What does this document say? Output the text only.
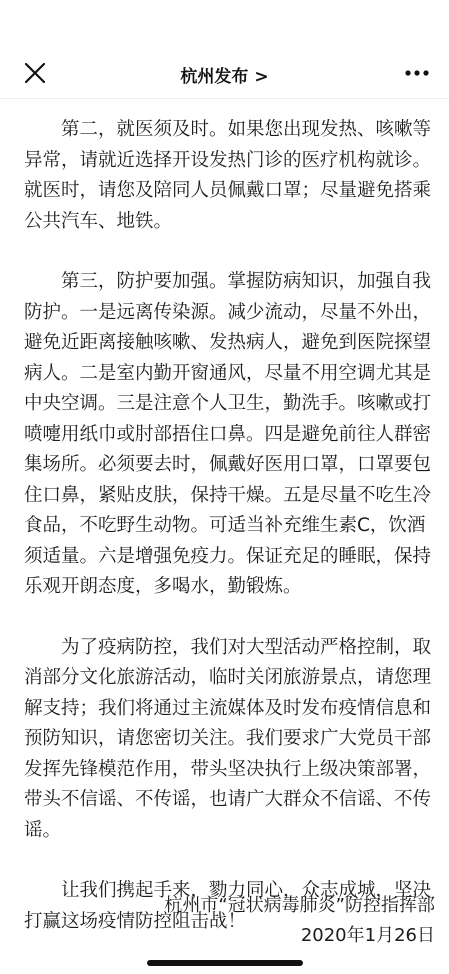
杭州发布 >

第二，就医须及时。如果您出现发热、咳嗽等异常，请就近选择开设发热门诊的医疗机构就诊。就医时，请您及陪同人员佩戴口罩；尽量避免搭乘公共汽车、地铁。

第三，防护要加强。掌握防病知识，加强自我防护。一是远离传染源。减少流动，尽量不外出，避免近距离接触咳嗽、发热病人，避免到医院探望病人。二是室内勤开窗通风，尽量不用空调尤其是中央空调。三是注意个人卫生，勤洗手。咳嗽或打喷嚏用纸巾或肘部捂住口鼻。四是避免前往人群密集场所。必须要去时，佩戴好医用口罩，口罩要包住口鼻，紧贴皮肤，保持干燥。五是尽量不吃生冷食品，不吃野生动物。可适当补充维生素C，饮酒须适量。六是增强免疫力。保证充足的睡眠，保持乐观开朗态度，多喝水，勤锻炼。

为了疫病防控，我们对大型活动严格控制，取消部分文化旅游活动，临时关闭旅游景点，请您理解支持；我们将通过主流媒体及时发布疫情信息和预防知识，请您密切关注。我们要求广大党员干部发挥先锋模范作用，带头坚决执行上级决策部署，带头不信谣、不传谣，也请广大群众不信谣、不传谣。

让我们携起手来，勠力同心，众志成城，坚决打赢这场疫情防控阻击战！

杭州市“冠状病毒肺炎”防控指挥部
2020年1月26日
